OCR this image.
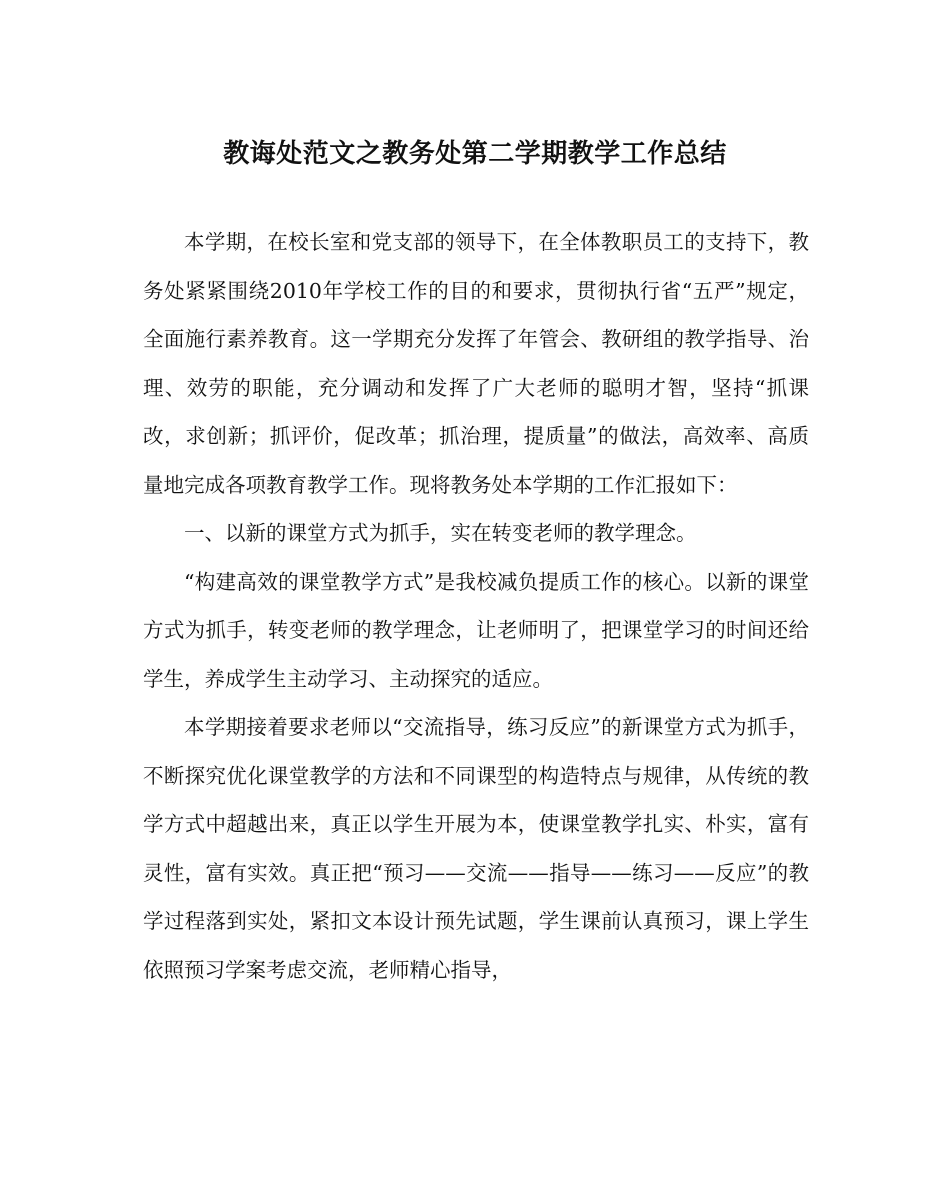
教诲处范文之教务处第二学期教学工作总结

本学期，在校长室和党支部的领导下，在全体教职员工的支持下，教务处紧紧围绕2010年学校工作的目的和要求，贯彻执行省“五严”规定，全面施行素养教育。这一学期充分发挥了年管会、教研组的教学指导、治理、效劳的职能，充分调动和发挥了广大老师的聪明才智，坚持“抓课改，求创新；抓评价，促改革；抓治理，提质量”的做法，高效率、高质量地完成各项教育教学工作。现将教务处本学期的工作汇报如下：

一、以新的课堂方式为抓手，实在转变老师的教学理念。

“构建高效的课堂教学方式”是我校减负提质工作的核心。以新的课堂方式为抓手，转变老师的教学理念，让老师明了，把课堂学习的时间还给学生，养成学生主动学习、主动探究的适应。

本学期接着要求老师以“交流指导，练习反应”的新课堂方式为抓手，不断探究优化课堂教学的方法和不同课型的构造特点与规律，从传统的教学方式中超越出来，真正以学生开展为本，使课堂教学扎实、朴实，富有灵性，富有实效。真正把“预习——交流——指导——练习——反应”的教学过程落到实处，紧扣文本设计预先试题，学生课前认真预习，课上学生依照预习学案考虑交流，老师精心指导，
